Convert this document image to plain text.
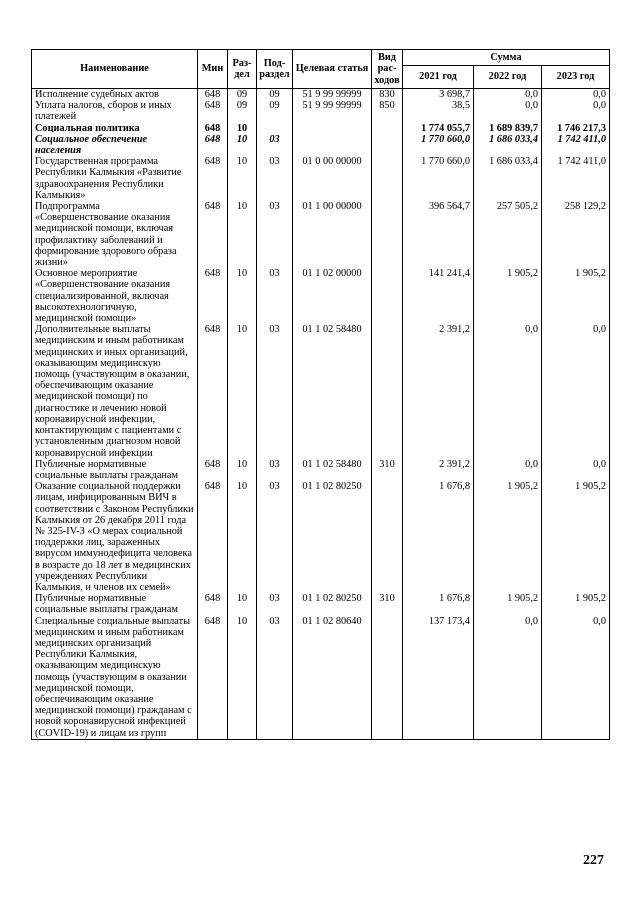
Наименование	Мин	Раз-дел	Под-раздел	Целевая статья	Вид рас-ходов	Сумма		
						2021 год	2022 год	2023 год
Исполнение судебных актов	648	09	09	51 9 99 99999	830	3 698,7	0,0	0,0
Уплата налогов, сборов и иных платежей	648	09	09	51 9 99 99999	850	38,5	0,0	0,0
Социальная политика	648	10				1 774 055,7	1 689 839,7	1 746 217,3
Социальное обеспечение населения	648	10	03			1 770 660,0	1 686 033,4	1 742 411,0
Государственная программа Республики Калмыкия «Развитие здравоохранения Республики Калмыкия»	648	10	03	01 0 00 00000		1 770 660,0	1 686 033,4	1 742 411,0
Подпрограмма «Совершенствование оказания медицинской помощи, включая профилактику заболеваний и формирование здорового образа жизни»	648	10	03	01 1 00 00000		396 564,7	257 505,2	258 129,2
Основное мероприятие «Совершенствование оказания специализированной, включая высокотехнологичную, медицинской помощи»	648	10	03	01 1 02 00000		141 241,4	1 905,2	1 905,2
Дополнительные выплаты медицинским и иным работникам медицинских и иных организаций, оказывающим медицинскую помощь (участвующим в оказании, обеспечивающим оказание медицинской помощи) по диагностике и лечению новой коронавирусной инфекции, контактирующим с пациентами с установленным диагнозом новой коронавирусной инфекции	648	10	03	01 1 02 58480		2 391,2	0,0	0,0
Публичные нормативные социальные выплаты гражданам	648	10	03	01 1 02 58480	310	2 391,2	0,0	0,0
Оказание социальной поддержки лицам, инфицированным ВИЧ в соответствии с Законом Республики Калмыкия от 26 декабря 2011 года № 325-IV-З «О мерах социальной поддержки лиц, зараженных вирусом иммунодефицита человека в возрасте до 18 лет в медицинских учреждениях Республики Калмыкия, и членов их семей»	648	10	03	01 1 02 80250		1 676,8	1 905,2	1 905,2
Публичные нормативные социальные выплаты гражданам	648	10	03	01 1 02 80250	310	1 676,8	1 905,2	1 905,2
Специальные социальные выплаты медицинским и иным работникам медицинских организаций Республики Калмыкия, оказывающим медицинскую помощь (участвующим в оказании медицинской помощи, обеспечивающим оказание медицинской помощи) гражданам с новой коронавирусной инфекцией (COVID-19) и лицам из групп	648	10	03	01 1 02 80640		137 173,4	0,0	0,0
227
